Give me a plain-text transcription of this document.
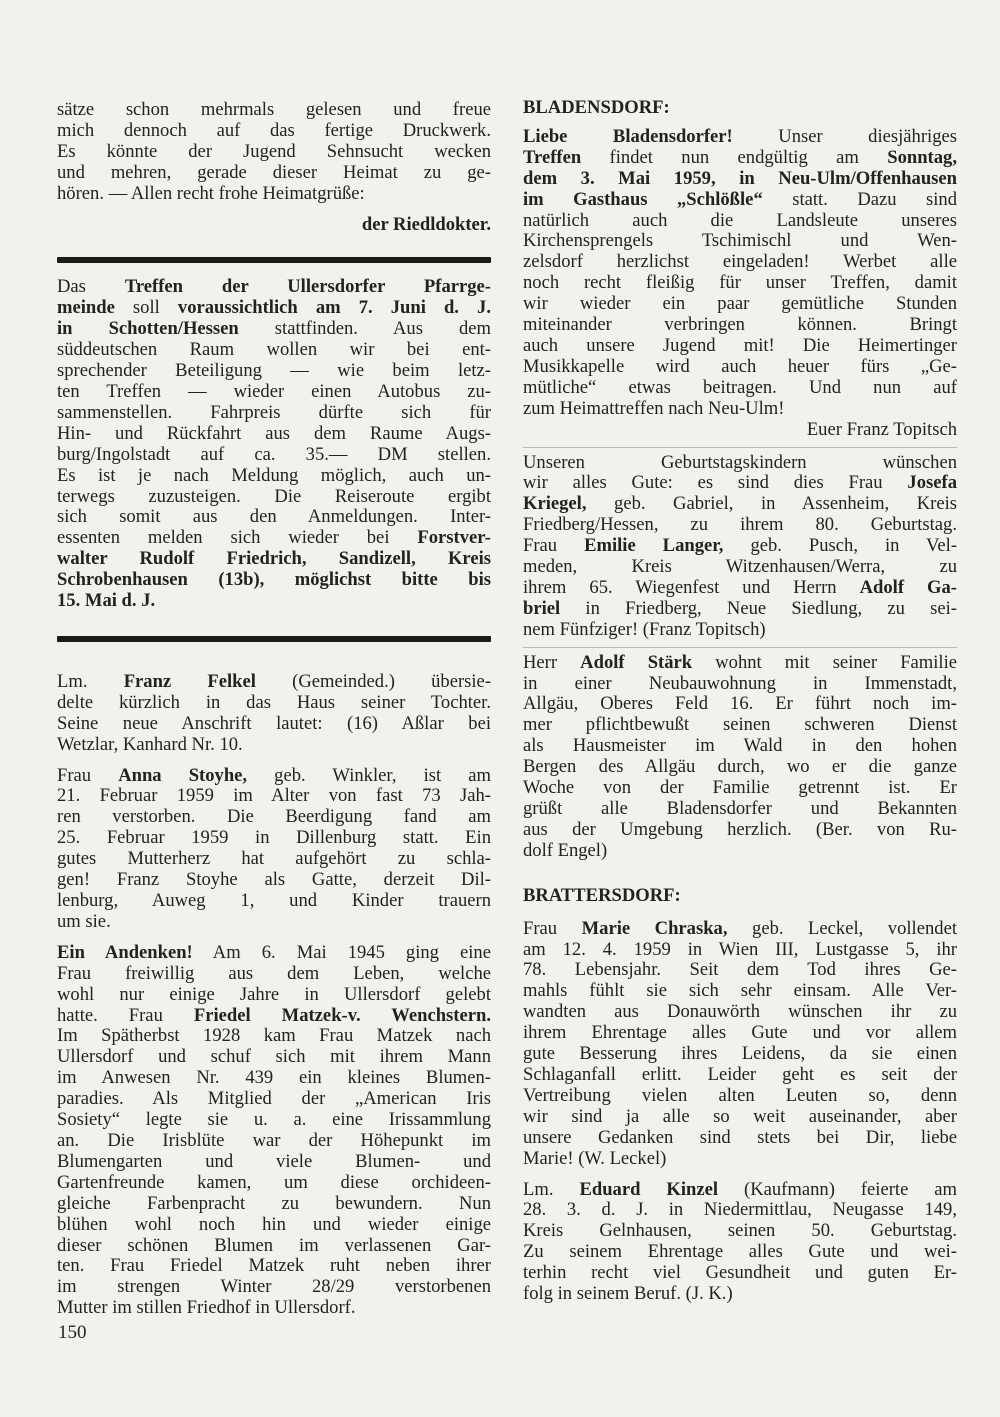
sätze schon mehrmals gelesen und freue
mich dennoch auf das fertige Druckwerk.
Es könnte der Jugend Sehnsucht wecken
und mehren, gerade dieser Heimat zu ge-
hören. — Allen recht frohe Heimatgrüße:

der Riedldokter.

Das Treffen der Ullersdorfer Pfarrge-
meinde soll voraussichtlich am 7. Juni d. J.
in Schotten/Hessen stattfinden. Aus dem
süddeutschen Raum wollen wir bei ent-
sprechender Beteiligung — wie beim letz-
ten Treffen — wieder einen Autobus zu-
sammenstellen. Fahrpreis dürfte sich für
Hin- und Rückfahrt aus dem Raume Augs-
burg/Ingolstadt auf ca. 35.— DM stellen.
Es ist je nach Meldung möglich, auch un-
terwegs zuzusteigen. Die Reiseroute ergibt
sich somit aus den Anmeldungen. Inter-
essenten melden sich wieder bei Forstver-
walter Rudolf Friedrich, Sandizell, Kreis
Schrobenhausen (13b), möglichst bitte bis
15. Mai d. J.
Lm. Franz Felkel (Gemeinded.) übersie-
delte kürzlich in das Haus seiner Tochter.
Seine neue Anschrift lautet: (16) Aßlar bei
Wetzlar, Kanhard Nr. 10.
Frau Anna Stoyhe, geb. Winkler, ist am
21. Februar 1959 im Alter von fast 73 Jah-
ren verstorben. Die Beerdigung fand am
25. Februar 1959 in Dillenburg statt. Ein
gutes Mutterherz hat aufgehört zu schla-
gen! Franz Stoyhe als Gatte, derzeit Dil-
lenburg, Auweg 1, und Kinder trauern
um sie.
Ein Andenken! Am 6. Mai 1945 ging eine
Frau freiwillig aus dem Leben, welche
wohl nur einige Jahre in Ullersdorf gelebt
hatte. Frau Friedel Matzek-v. Wenchstern.
Im Spätherbst 1928 kam Frau Matzek nach
Ullersdorf und schuf sich mit ihrem Mann
im Anwesen Nr. 439 ein kleines Blumen-
paradies. Als Mitglied der „American Iris
Sosiety“ legte sie u. a. eine Irissammlung
an. Die Irisblüte war der Höhepunkt im
Blumengarten und viele Blumen- und
Gartenfreunde kamen, um diese orchideen-
gleiche Farbenpracht zu bewundern. Nun
blühen wohl noch hin und wieder einige
dieser schönen Blumen im verlassenen Gar-
ten. Frau Friedel Matzek ruht neben ihrer
im strengen Winter 28/29 verstorbenen
Mutter im stillen Friedhof in Ullersdorf.

BLADENSDORF:

Liebe Bladensdorfer! Unser diesjähriges
Treffen findet nun endgültig am Sonntag,
dem 3. Mai 1959, in Neu-Ulm/Offenhausen
im Gasthaus „Schlößle“ statt. Dazu sind
natürlich auch die Landsleute unseres
Kirchensprengels Tschimischl und Wen-
zelsdorf herzlichst eingeladen! Werbet alle
noch recht fleißig für unser Treffen, damit
wir wieder ein paar gemütliche Stunden
miteinander verbringen können. Bringt
auch unsere Jugend mit! Die Heimertinger
Musikkapelle wird auch heuer fürs „Ge-
mütliche“ etwas beitragen. Und nun auf
zum Heimattreffen nach Neu-Ulm!

Euer Franz Topitsch

Unseren Geburtstagskindern wünschen
wir alles Gute: es sind dies Frau Josefa
Kriegel, geb. Gabriel, in Assenheim, Kreis
Friedberg/Hessen, zu ihrem 80. Geburtstag.
Frau Emilie Langer, geb. Pusch, in Vel-
meden, Kreis Witzenhausen/Werra, zu
ihrem 65. Wiegenfest und Herrn Adolf Ga-
briel in Friedberg, Neue Siedlung, zu sei-
nem Fünfziger! (Franz Topitsch)
Herr Adolf Stärk wohnt mit seiner Familie
in einer Neubauwohnung in Immenstadt,
Allgäu, Oberes Feld 16. Er führt noch im-
mer pflichtbewußt seinen schweren Dienst
als Hausmeister im Wald in den hohen
Bergen des Allgäu durch, wo er die ganze
Woche von der Familie getrennt ist. Er
grüßt alle Bladensdorfer und Bekannten
aus der Umgebung herzlich. (Ber. von Ru-
dolf Engel)

BRATTERSDORF:

Frau Marie Chraska, geb. Leckel, vollendet
am 12. 4. 1959 in Wien III, Lustgasse 5, ihr
78. Lebensjahr. Seit dem Tod ihres Ge-
mahls fühlt sie sich sehr einsam. Alle Ver-
wandten aus Donauwörth wünschen ihr zu
ihrem Ehrentage alles Gute und vor allem
gute Besserung ihres Leidens, da sie einen
Schlaganfall erlitt. Leider geht es seit der
Vertreibung vielen alten Leuten so, denn
wir sind ja alle so weit auseinander, aber
unsere Gedanken sind stets bei Dir, liebe
Marie! (W. Leckel)
Lm. Eduard Kinzel (Kaufmann) feierte am
28. 3. d. J. in Niedermittlau, Neugasse 149,
Kreis Gelnhausen, seinen 50. Geburtstag.
Zu seinem Ehrentage alles Gute und wei-
terhin recht viel Gesundheit und guten Er-
folg in seinem Beruf. (J. K.)
150
